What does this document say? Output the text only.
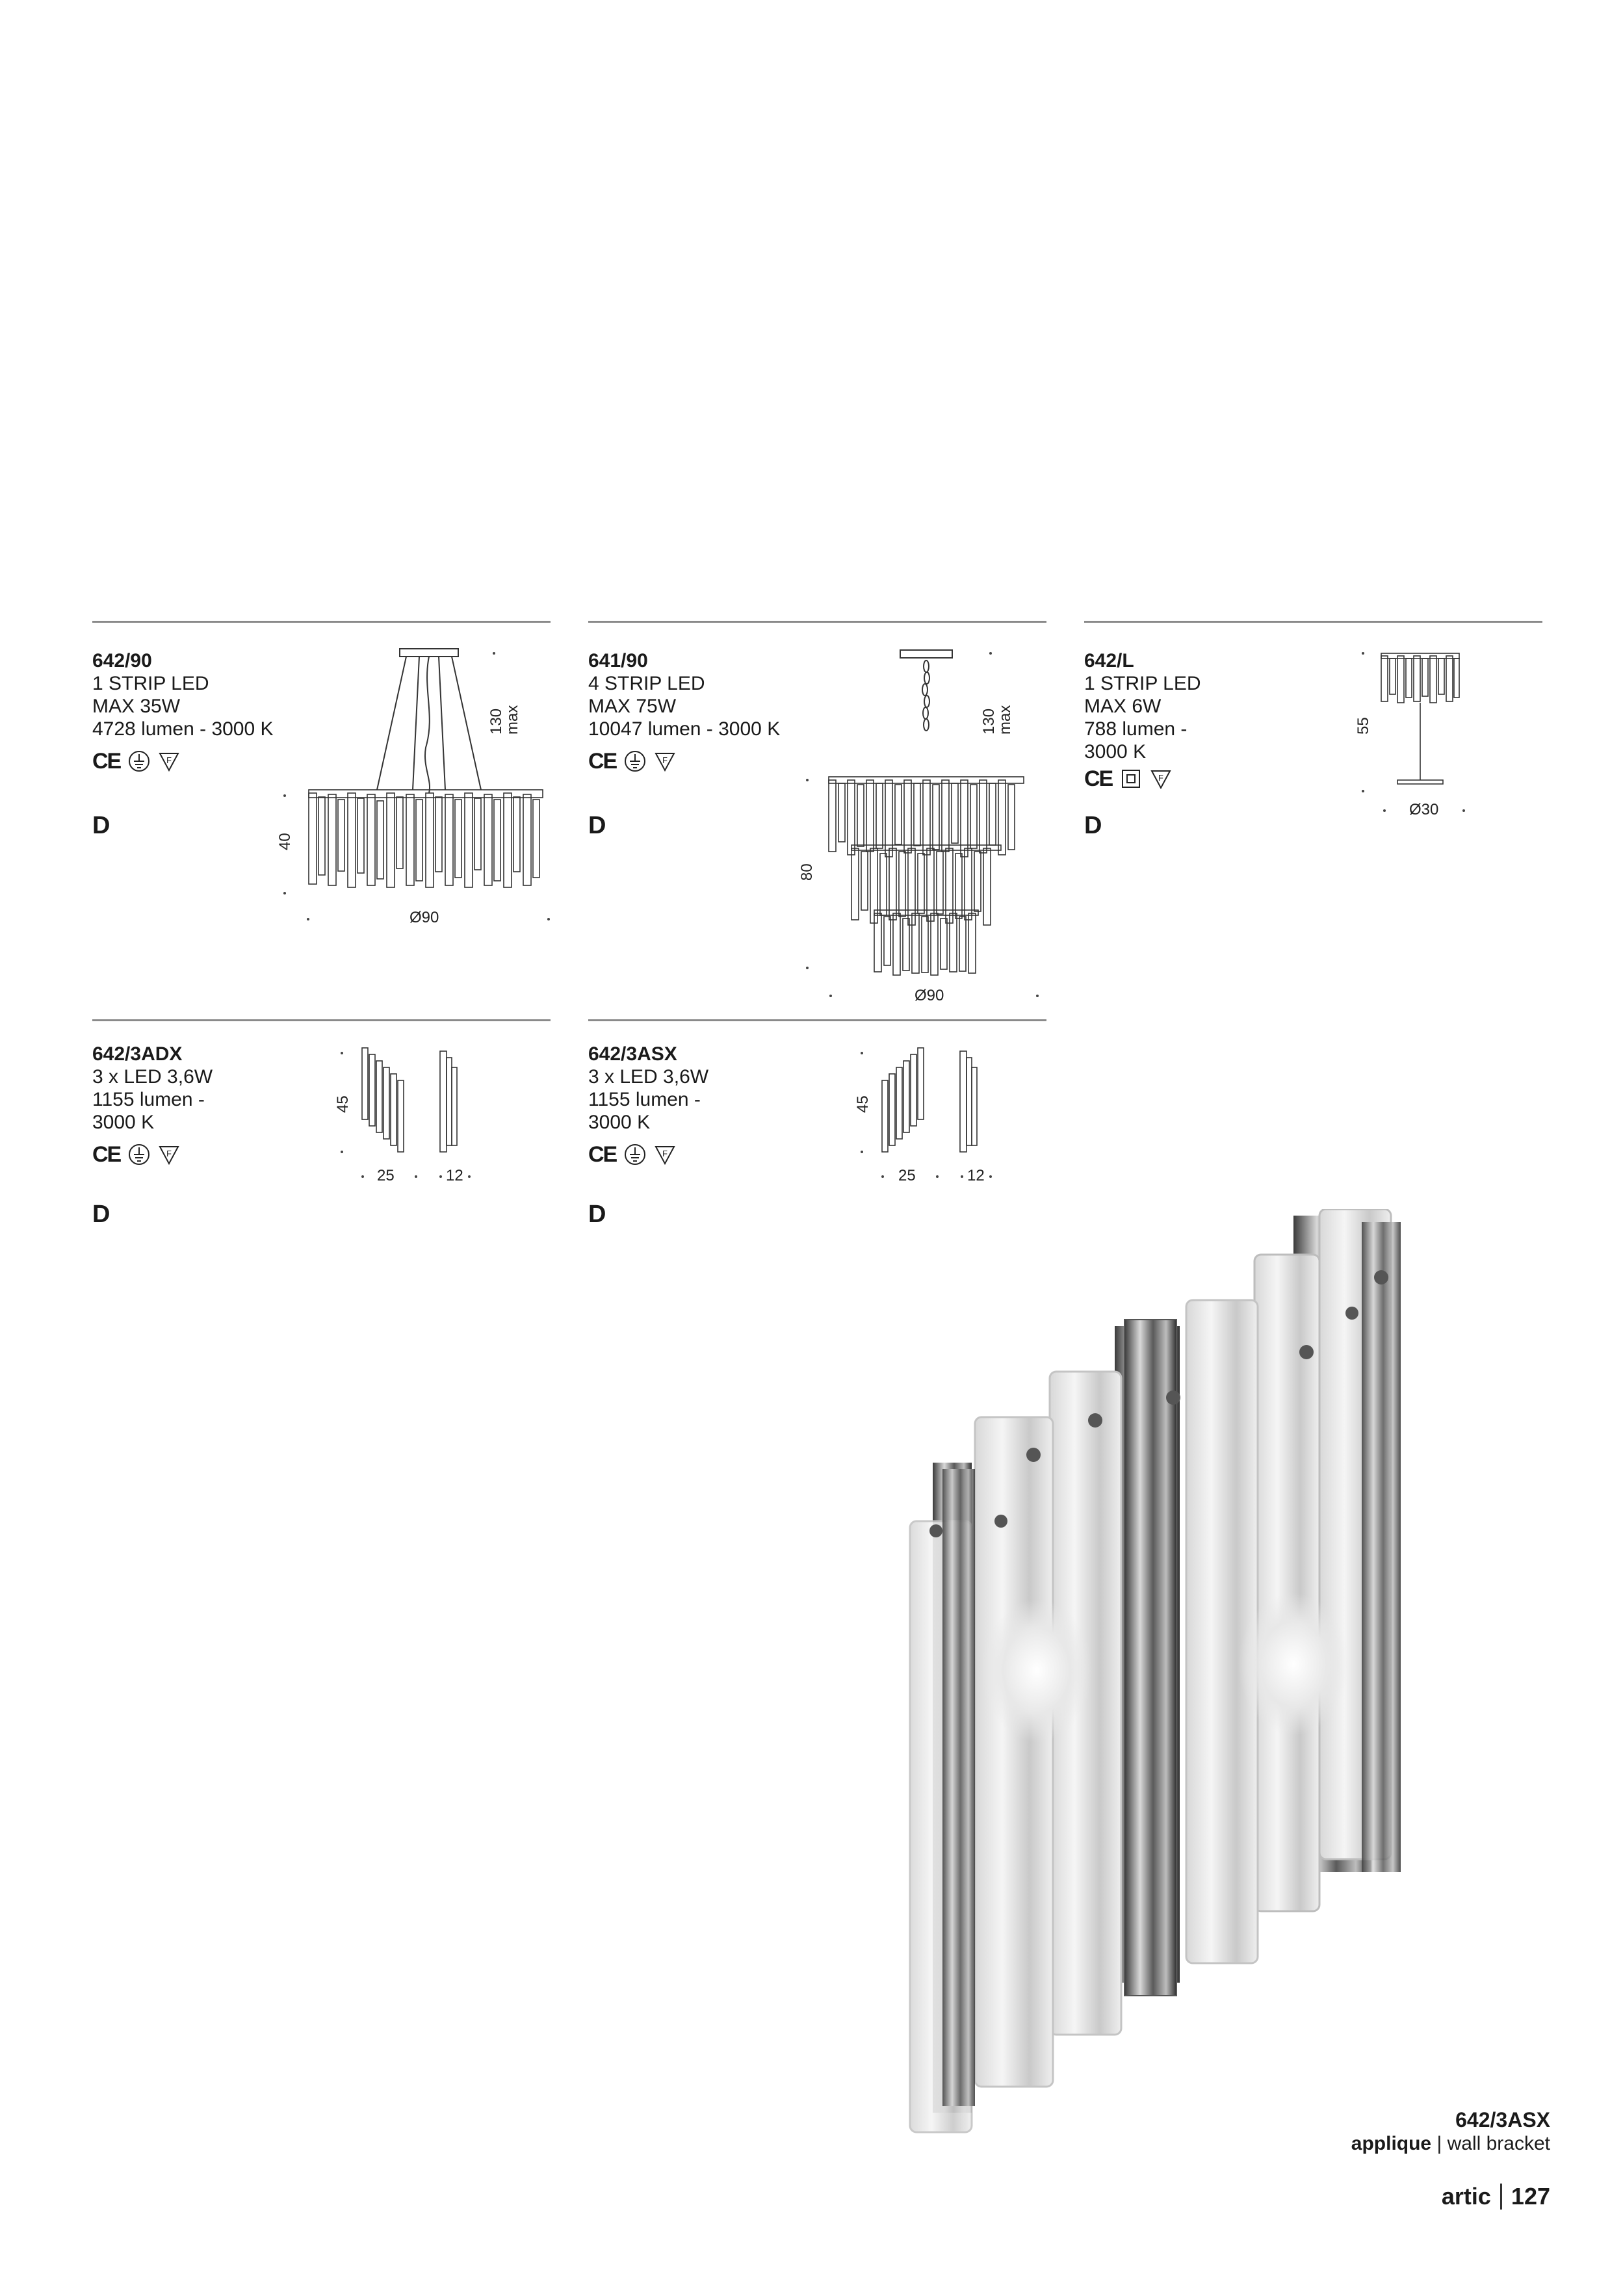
642/90

1 STRIP LED

MAX 35W

4728 lumen - 3000 K

CE	F
D
130
max
40
Ø90

641/90

4 STRIP LED

MAX 75W

10047 lumen - 3000 K

CE	F
D
130
max
80
Ø90

642/L

1 STRIP LED

MAX 6W

788 lumen -

3000 K

CE	F
D
55
Ø30

642/3ADX

3 x LED 3,6W

1155 lumen -

3000 K

CE	F
D
45
25	12

642/3ASX

3 x LED 3,6W

1155 lumen -

3000 K

CE	F
D
45
25	12
642/3ASX
applique | wall bracket
artic 127
